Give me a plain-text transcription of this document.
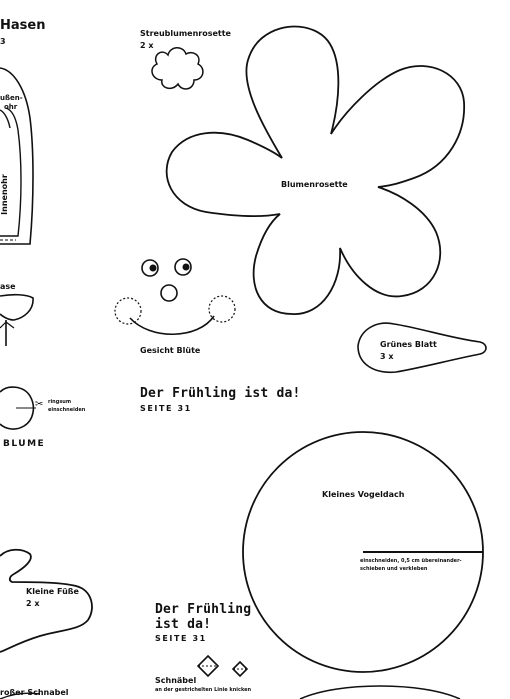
✂
Hasen
3
ußen-
ohr
Innenohr
ase
ringsum
einschneiden
BLUME
Kleine Füße
2 x
roßer Schnabel
Streublumenrosette
2 x
Blumenrosette
Gesicht Blüte
Grünes Blatt
3 x
Der Frühling ist da!
SEITE 31
Kleines Vogeldach
einschneiden, 0,5 cm übereinander-
schieben und verkleben
Der Frühling
ist da!
SEITE 31
Schnäbel
an der gestrichelten Linie knicken
